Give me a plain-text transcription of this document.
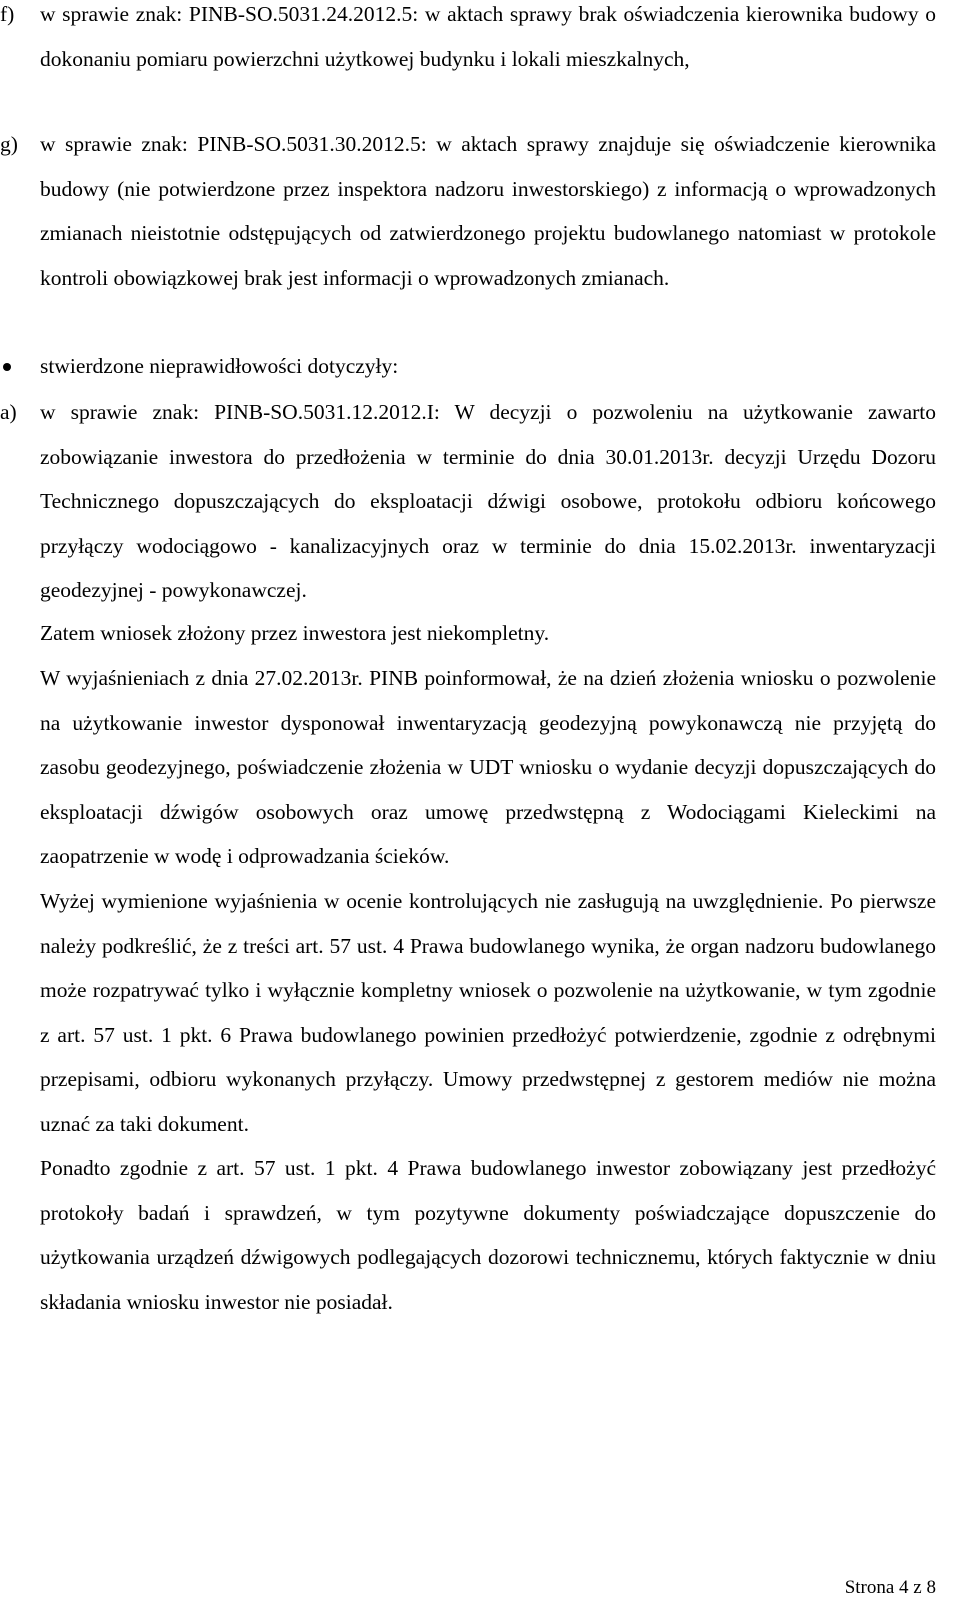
f)	w sprawie znak: PINB-SO.5031.24.2012.5: w aktach sprawy brak oświadczenia kierownika budowy o dokonaniu pomiaru powierzchni użytkowej budynku i lokali mieszkalnych,
g)	w sprawie znak: PINB-SO.5031.30.2012.5: w aktach sprawy znajduje się oświadczenie kierownika budowy (nie potwierdzone przez inspektora nadzoru inwestorskiego) z informacją o wprowadzonych zmianach nieistotnie odstępujących od zatwierdzonego projektu budowlanego natomiast w protokole kontroli obowiązkowej brak jest informacji o wprowadzonych zmianach.
stwierdzone nieprawidłowości dotyczyły:
a)	w sprawie znak: PINB-SO.5031.12.2012.I: W decyzji o pozwoleniu na użytkowanie zawarto zobowiązanie inwestora do przedłożenia w terminie do dnia 30.01.2013r. decyzji Urzędu Dozoru Technicznego dopuszczających do eksploatacji dźwigi osobowe, protokołu odbioru końcowego przyłączy wodociągowo - kanalizacyjnych oraz w terminie do dnia 15.02.2013r. inwentaryzacji geodezyjnej - powykonawczej.

Zatem wniosek złożony przez inwestora jest niekompletny.

W wyjaśnieniach z dnia 27.02.2013r. PINB poinformował, że na dzień złożenia wniosku o pozwolenie na użytkowanie inwestor dysponował inwentaryzacją geodezyjną powykonawczą nie przyjętą do zasobu geodezyjnego, poświadczenie złożenia w UDT wniosku o wydanie decyzji dopuszczających do eksploatacji dźwigów osobowych oraz umowę przedwstępną z Wodociągami Kieleckimi na zaopatrzenie w wodę i odprowadzania ścieków.

Wyżej wymienione wyjaśnienia w ocenie kontrolujących nie zasługują na uwzględnienie. Po pierwsze należy podkreślić, że z treści art. 57 ust. 4 Prawa budowlanego wynika, że organ nadzoru budowlanego może rozpatrywać tylko i wyłącznie kompletny wniosek o pozwolenie na użytkowanie, w tym zgodnie z art. 57 ust. 1 pkt. 6 Prawa budowlanego powinien przedłożyć potwierdzenie, zgodnie z odrębnymi przepisami, odbioru wykonanych przyłączy. Umowy przedwstępnej z gestorem mediów nie można uznać za taki dokument.

Strona 4 z 8

Ponadto zgodnie z art. 57 ust. 1 pkt. 4 Prawa budowlanego inwestor zobowiązany jest przedłożyć protokoły badań i sprawdzeń, w tym pozytywne dokumenty poświadczające dopuszczenie do użytkowania urządzeń dźwigowych podlegających dozorowi technicznemu, których faktycznie w dniu składania wniosku inwestor nie posiadał.
